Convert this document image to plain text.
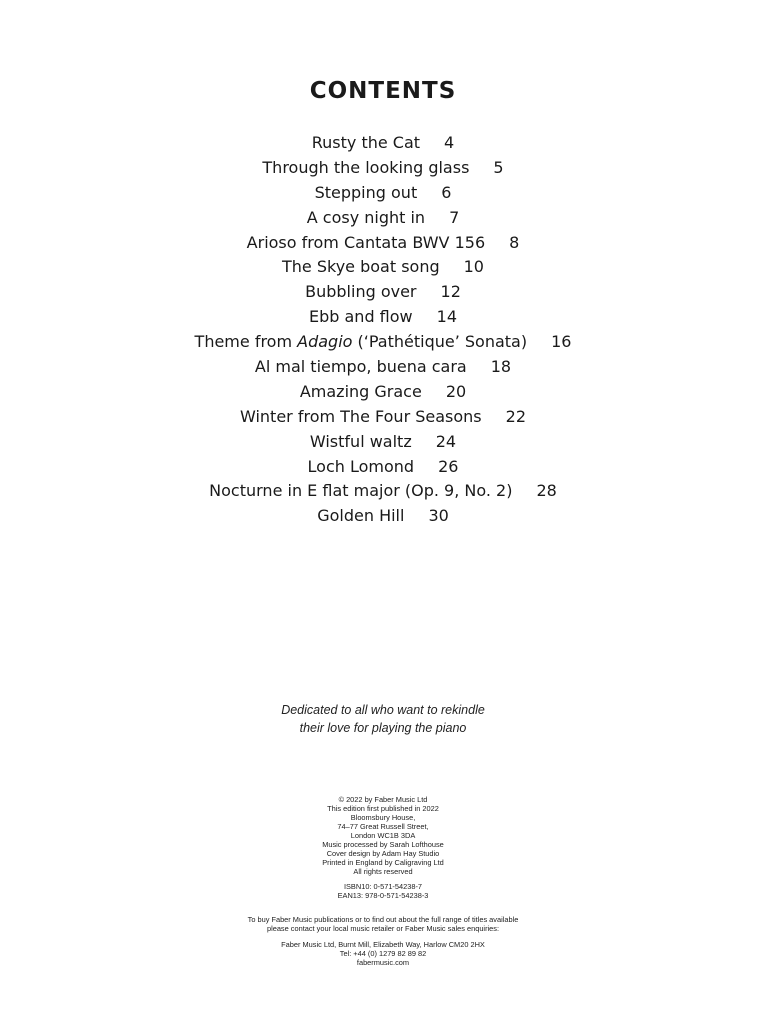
CONTENTS
Rusty the Cat 4
Through the looking glass 5
Stepping out 6
A cosy night in 7
Arioso from Cantata BWV 156 8
The Skye boat song 10
Bubbling over 12
Ebb and flow 14
Theme from Adagio (‘Pathétique’ Sonata) 16
Al mal tiempo, buena cara 18
Amazing Grace 20
Winter from The Four Seasons 22
Wistful waltz 24
Loch Lomond 26
Nocturne in E flat major (Op. 9, No. 2) 28
Golden Hill 30
Dedicated to all who want to rekindle
their love for playing the piano
© 2022 by Faber Music Ltd
This edition first published in 2022
Bloomsbury House,
74–77 Great Russell Street,
London WC1B 3DA
Music processed by Sarah Lofthouse
Cover design by Adam Hay Studio
Printed in England by Caligraving Ltd
All rights reserved
ISBN10: 0-571-54238-7
EAN13: 978-0-571-54238-3
To buy Faber Music publications or to find out about the full range of titles available
please contact your local music retailer or Faber Music sales enquiries:
Faber Music Ltd, Burnt Mill, Elizabeth Way, Harlow CM20 2HX
Tel: +44 (0) 1279 82 89 82
fabermusic.com
